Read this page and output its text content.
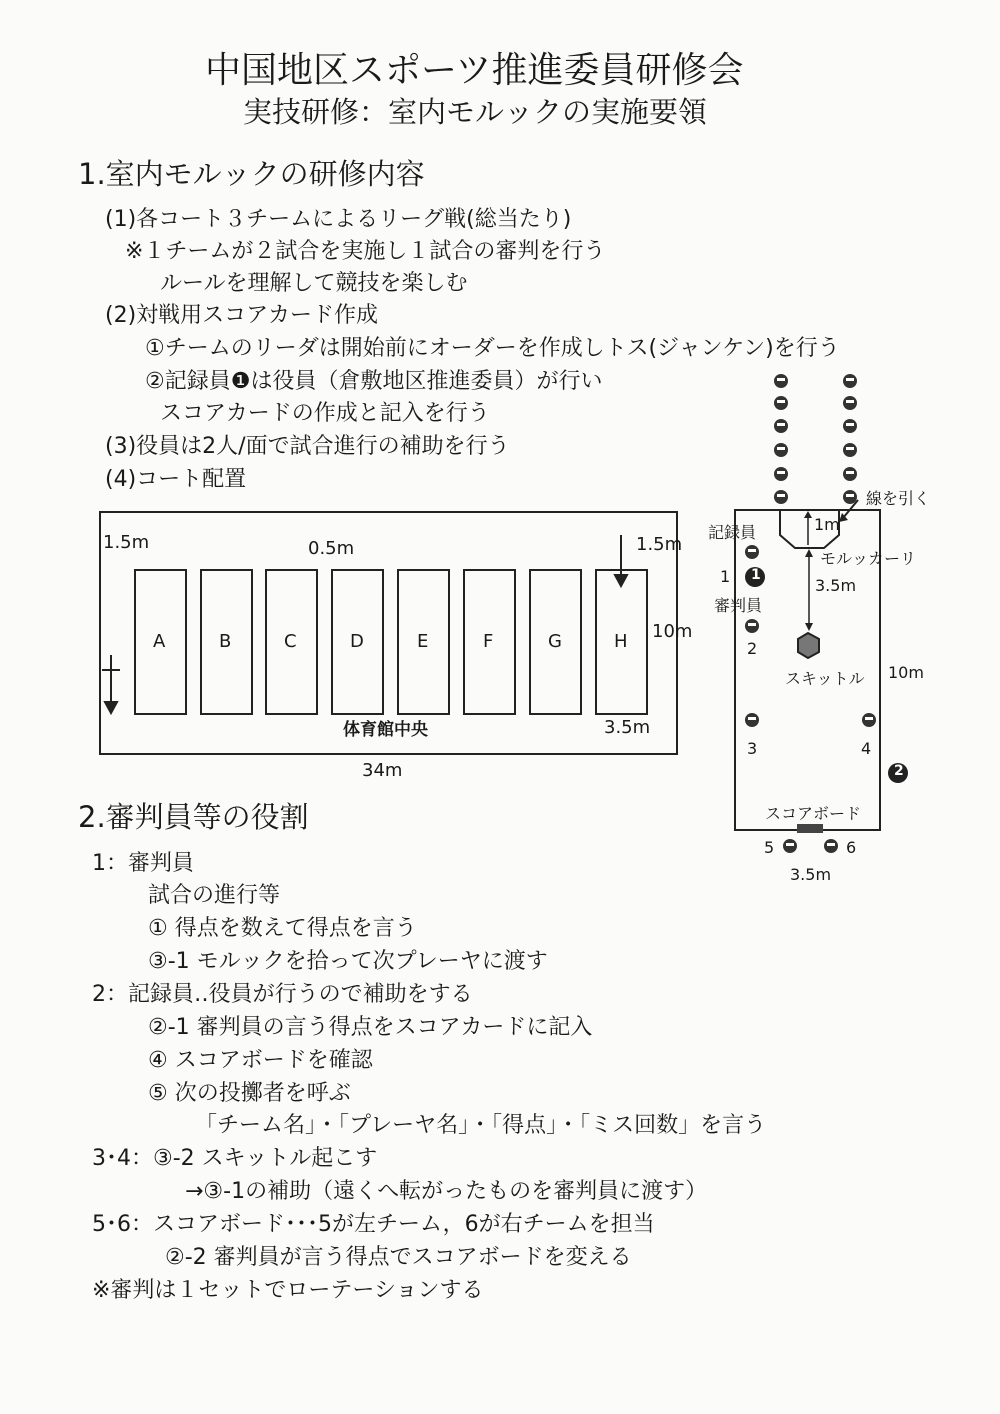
中国地区スポーツ推進委員研修会
実技研修：室内モルックの実施要領
1.室内モルックの研修内容
(1)各コート３チームによるリーグ戦(総当たり)
※１チームが２試合を実施し１試合の審判を行う
ルールを理解して競技を楽しむ
(2)対戦用スコアカード作成
①チームのリーダは開始前にオーダーを作成しトス(ジャンケン)を行う
②記録員❶は役員（倉敷地区推進委員）が行い
スコアカードの作成と記入を行う
(3)役員は2人/面で試合進行の補助を行う
(4)コート配置
1.5m	0.5m	1.5m
A	B	C	D	E	F	G	H 10m
体育館中央	3.5m
34m
線を引く
1m
記録員
モルッカーリ
1 1
3.5m
審判員
2
スキットル 10m
3	4
2
スコアボード
5	6
3.5m
2.審判員等の役割
1：審判員
試合の進行等
① 得点を数えて得点を言う
③-1 モルックを拾って次プレーヤに渡す
2：記録員‥役員が行うので補助をする
②-1 審判員の言う得点をスコアカードに記入
④ スコアボードを確認
⑤ 次の投擲者を呼ぶ
「チーム名」・「プレーヤ名」・「得点」・「ミス回数」を言う
3･4：③-2 スキットル起こす
→③-1の補助（遠くへ転がったものを審判員に渡す）
5･6：スコアボード･･･5が左チーム，6が右チームを担当
②-2 審判員が言う得点でスコアボードを変える
※審判は１セットでローテーションする
